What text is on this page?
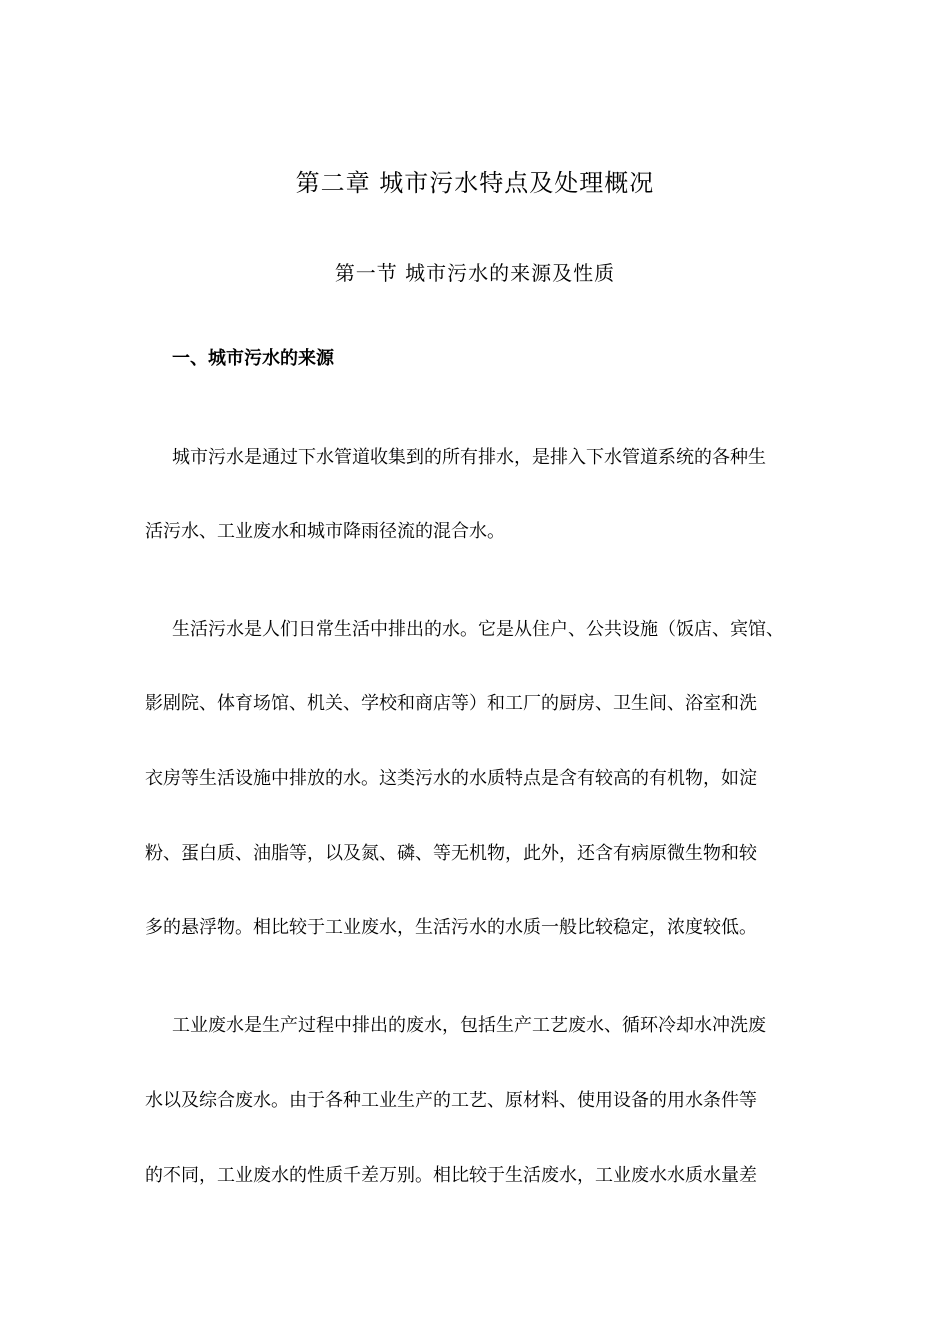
第二章 城市污水特点及处理概况
第一节 城市污水的来源及性质
一、城市污水的来源
城市污水是通过下水管道收集到的所有排水，是排入下水管道系统的各种生
活污水、工业废水和城市降雨径流的混合水。
生活污水是人们日常生活中排出的水。它是从住户、公共设施（饭店、宾馆、
影剧院、体育场馆、机关、学校和商店等）和工厂的厨房、卫生间、浴室和洗
衣房等生活设施中排放的水。这类污水的水质特点是含有较高的有机物，如淀
粉、蛋白质、油脂等，以及氮、磷、等无机物，此外，还含有病原微生物和较
多的悬浮物。相比较于工业废水，生活污水的水质一般比较稳定，浓度较低。
工业废水是生产过程中排出的废水，包括生产工艺废水、循环冷却水冲洗废
水以及综合废水。由于各种工业生产的工艺、原材料、使用设备的用水条件等
的不同，工业废水的性质千差万别。相比较于生活废水，工业废水水质水量差
